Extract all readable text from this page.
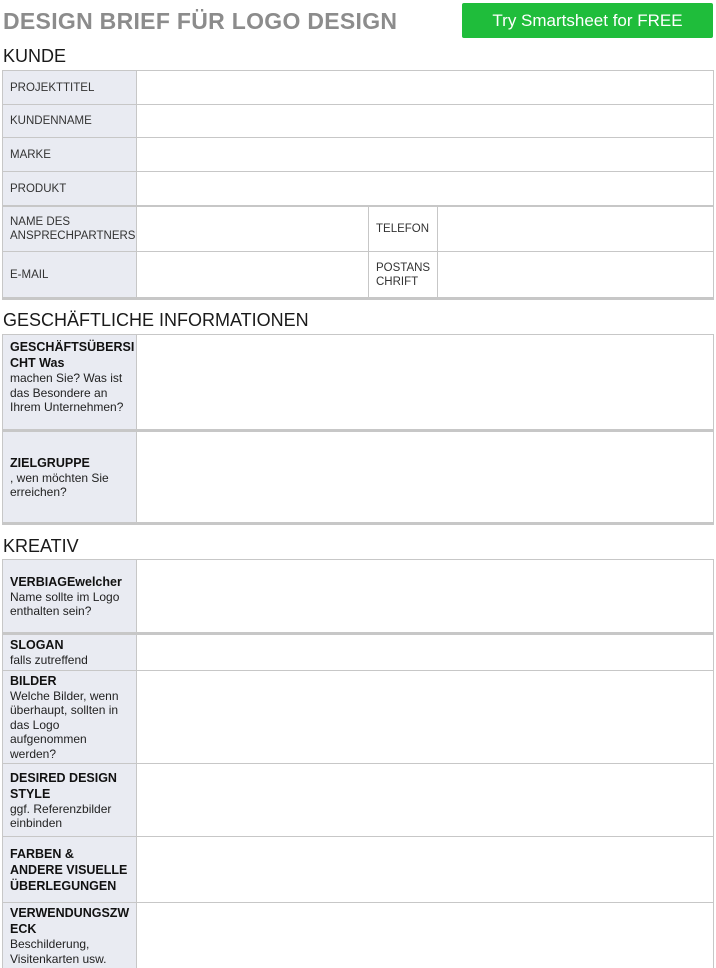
DESIGN BRIEF FÜR LOGO DESIGN	Try Smartsheet for FREE
KUNDE
PROJEKTTITEL	
KUNDENNAME	
MARKE	
PRODUKT	
NAME DES ANSPRECHPARTNERS		TELEFON	
E-MAIL		POSTANS CHRIFT	
GESCHÄFTLICHE INFORMATIONEN
GESCHÄFTSÜBERSI CHT Was
machen Sie? Was ist das Besondere an Ihrem Unternehmen?	

ZIELGRUPPE
, wen möchten Sie erreichen?	

KREATIV
VERBIAGEwelcher
Name sollte im Logo enthalten sein?	

SLOGAN
falls zutreffend	

BILDER
Welche Bilder, wenn überhaupt, sollten in das Logo aufgenommen werden?	

DESIRED DESIGN STYLE
ggf. Referenzbilder einbinden	

FARBEN & ANDERE VISUELLE ÜBERLEGUNGEN	

VERWENDUNGSZW ECK
Beschilderung, Visitenkarten usw.	
